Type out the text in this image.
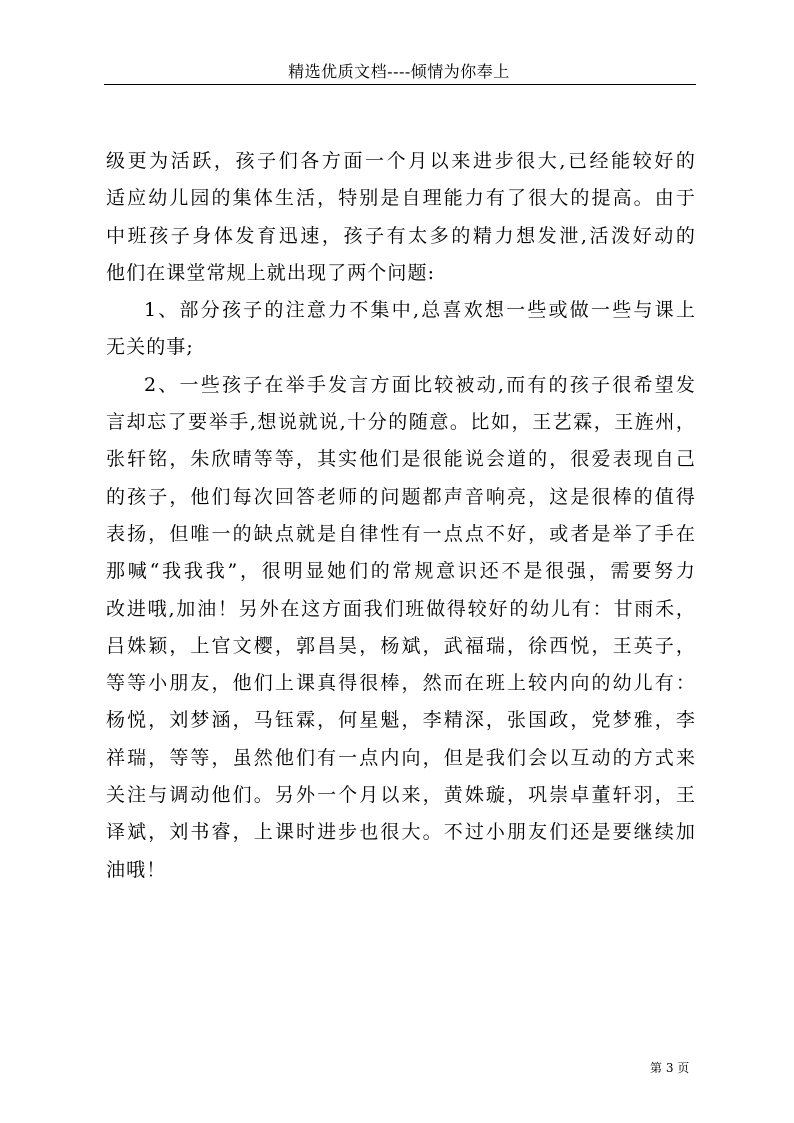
精选优质文档----倾情为你奉上
级更为活跃，孩子们各方面一个月以来进步很大,已经能较好的
适应幼儿园的集体生活，特别是自理能力有了很大的提高。由于
中班孩子身体发育迅速，孩子有太多的精力想发泄,活泼好动的
他们在课堂常规上就出现了两个问题:
1、部分孩子的注意力不集中,总喜欢想一些或做一些与课上
无关的事;
2、一些孩子在举手发言方面比较被动,而有的孩子很希望发
言却忘了要举手,想说就说,十分的随意。比如，王艺霖，王旌州，
张轩铭，朱欣晴等等，其实他们是很能说会道的，很爱表现自己
的孩子，他们每次回答老师的问题都声音响亮，这是很棒的值得
表扬，但唯一的缺点就是自律性有一点点不好，或者是举了手在
那喊“我我我”，很明显她们的常规意识还不是很强，需要努力
改进哦,加油！另外在这方面我们班做得较好的幼儿有：甘雨禾，
吕姝颖，上官文樱，郭昌昊，杨斌，武福瑞，徐西悦，王英子，
等等小朋友，他们上课真得很棒，然而在班上较内向的幼儿有：
杨悦，刘梦涵，马钰霖，何星魁，李精深，张国政，党梦雅，李
祥瑞，等等，虽然他们有一点内向，但是我们会以互动的方式来
关注与调动他们。另外一个月以来，黄姝璇，巩崇卓董轩羽，王
译斌，刘书睿，上课时进步也很大。不过小朋友们还是要继续加
油哦！
第 3 页
